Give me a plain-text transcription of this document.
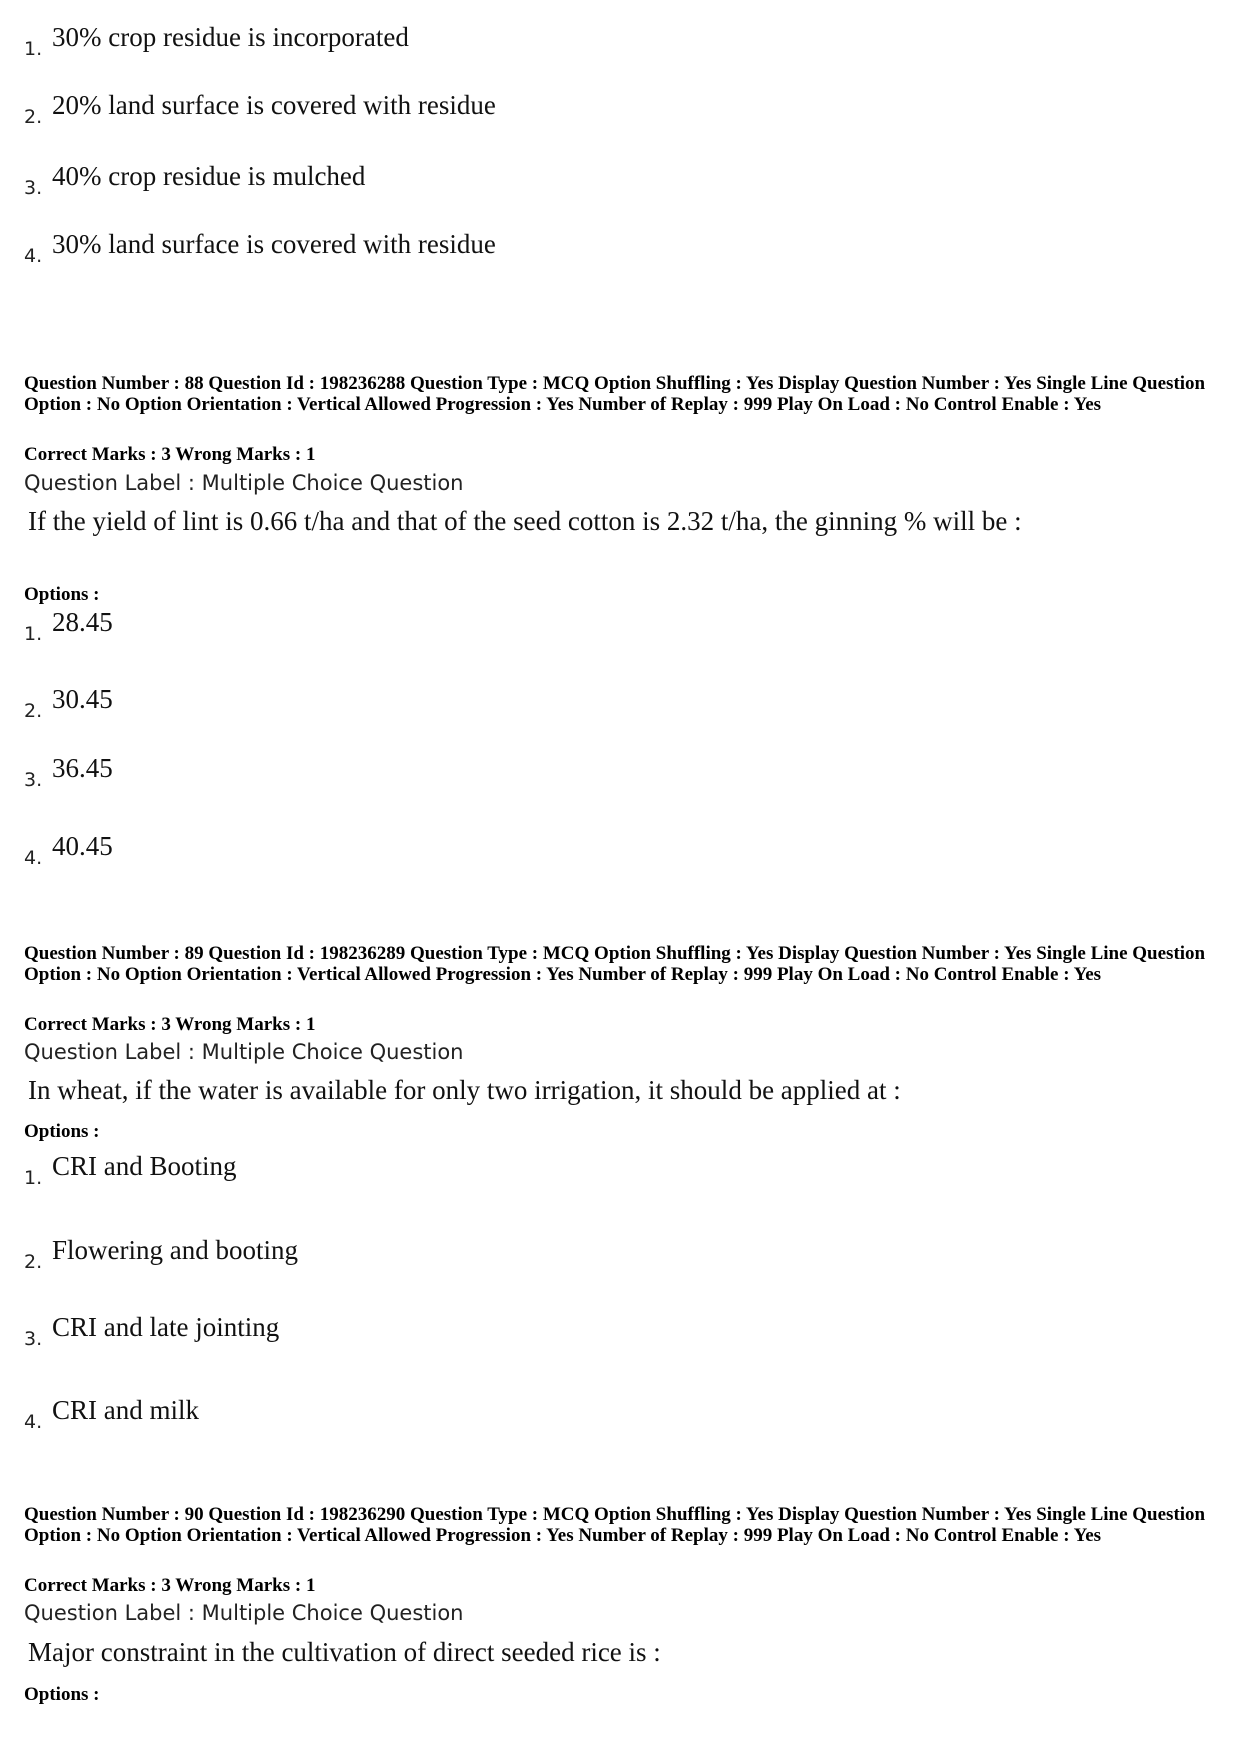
1. 30% crop residue is incorporated
2. 20% land surface is covered with residue
3. 40% crop residue is mulched
4. 30% land surface is covered with residue
Question Number : 88 Question Id : 198236288 Question Type : MCQ Option Shuffling : Yes Display Question Number : Yes Single Line Question Option : No Option Orientation : Vertical Allowed Progression : Yes Number of Replay : 999 Play On Load : No Control Enable : Yes
Correct Marks : 3 Wrong Marks : 1
Question Label : Multiple Choice Question
If the yield of lint is 0.66 t/ha and that of the seed cotton is 2.32 t/ha, the ginning % will be :
Options :
1. 28.45
2. 30.45
3. 36.45
4. 40.45
Question Number : 89 Question Id : 198236289 Question Type : MCQ Option Shuffling : Yes Display Question Number : Yes Single Line Question Option : No Option Orientation : Vertical Allowed Progression : Yes Number of Replay : 999 Play On Load : No Control Enable : Yes
Correct Marks : 3 Wrong Marks : 1
Question Label : Multiple Choice Question
In wheat, if the water is available for only two irrigation, it should be applied at :
Options :
1. CRI and Booting
2. Flowering and booting
3. CRI and late jointing
4. CRI and milk
Question Number : 90 Question Id : 198236290 Question Type : MCQ Option Shuffling : Yes Display Question Number : Yes Single Line Question Option : No Option Orientation : Vertical Allowed Progression : Yes Number of Replay : 999 Play On Load : No Control Enable : Yes
Correct Marks : 3 Wrong Marks : 1
Question Label : Multiple Choice Question
Major constraint in the cultivation of direct seeded rice is :
Options :
